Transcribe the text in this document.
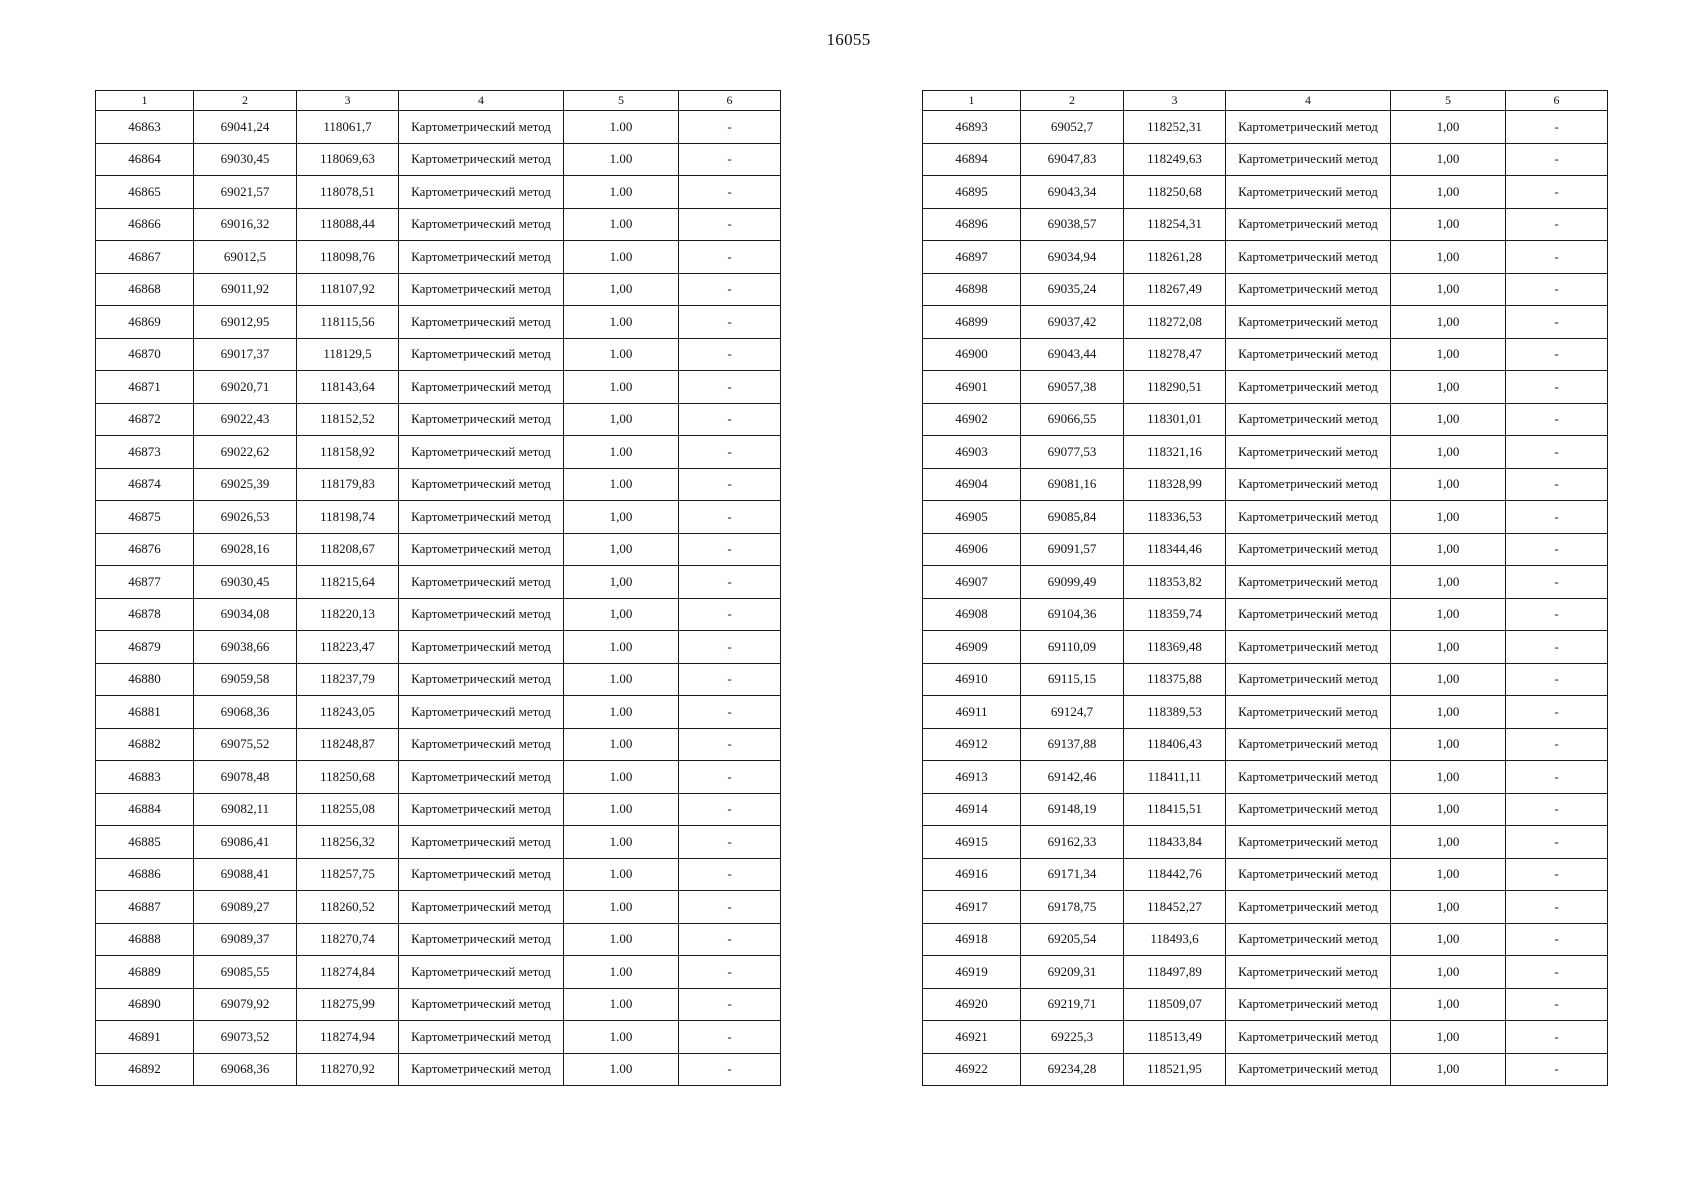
16055
1	2	3	4	5	6
46863	69041,24	118061,7	Картометрический метод	1.00	-
46864	69030,45	118069,63	Картометрический метод	1.00	-
46865	69021,57	118078,51	Картометрический метод	1.00	-
46866	69016,32	118088,44	Картометрический метод	1.00	-
46867	69012,5	118098,76	Картометрический метод	1.00	-
46868	69011,92	118107,92	Картометрический метод	1,00	-
46869	69012,95	118115,56	Картометрический метод	1.00	-
46870	69017,37	118129,5	Картометрический метод	1.00	-
46871	69020,71	118143,64	Картометрический метод	1.00	-
46872	69022,43	118152,52	Картометрический метод	1,00	-
46873	69022,62	118158,92	Картометрический метод	1.00	-
46874	69025,39	118179,83	Картометрический метод	1.00	-
46875	69026,53	118198,74	Картометрический метод	1,00	-
46876	69028,16	118208,67	Картометрический метод	1,00	-
46877	69030,45	118215,64	Картометрический метод	1,00	-
46878	69034,08	118220,13	Картометрический метод	1,00	-
46879	69038,66	118223,47	Картометрический метод	1.00	-
46880	69059,58	118237,79	Картометрический метод	1.00	-
46881	69068,36	118243,05	Картометрический метод	1.00	-
46882	69075,52	118248,87	Картометрический метод	1.00	-
46883	69078,48	118250,68	Картометрический метод	1.00	-
46884	69082,11	118255,08	Картометрический метод	1.00	-
46885	69086,41	118256,32	Картометрический метод	1.00	-
46886	69088,41	118257,75	Картометрический метод	1.00	-
46887	69089,27	118260,52	Картометрический метод	1.00	-
46888	69089,37	118270,74	Картометрический метод	1.00	-
46889	69085,55	118274,84	Картометрический метод	1.00	-
46890	69079,92	118275,99	Картометрический метод	1.00	-
46891	69073,52	118274,94	Картометрический метод	1.00	-
46892	69068,36	118270,92	Картометрический метод	1.00	-
1	2	3	4	5	6
46893	69052,7	118252,31	Картометрический метод	1,00	-
46894	69047,83	118249,63	Картометрический метод	1,00	-
46895	69043,34	118250,68	Картометрический метод	1,00	-
46896	69038,57	118254,31	Картометрический метод	1,00	-
46897	69034,94	118261,28	Картометрический метод	1,00	-
46898	69035,24	118267,49	Картометрический метод	1,00	-
46899	69037,42	118272,08	Картометрический метод	1,00	-
46900	69043,44	118278,47	Картометрический метод	1,00	-
46901	69057,38	118290,51	Картометрический метод	1,00	-
46902	69066,55	118301,01	Картометрический метод	1,00	-
46903	69077,53	118321,16	Картометрический метод	1,00	-
46904	69081,16	118328,99	Картометрический метод	1,00	-
46905	69085,84	118336,53	Картометрический метод	1,00	-
46906	69091,57	118344,46	Картометрический метод	1,00	-
46907	69099,49	118353,82	Картометрический метод	1,00	-
46908	69104,36	118359,74	Картометрический метод	1,00	-
46909	69110,09	118369,48	Картометрический метод	1,00	-
46910	69115,15	118375,88	Картометрический метод	1,00	-
46911	69124,7	118389,53	Картометрический метод	1,00	-
46912	69137,88	118406,43	Картометрический метод	1,00	-
46913	69142,46	118411,11	Картометрический метод	1,00	-
46914	69148,19	118415,51	Картометрический метод	1,00	-
46915	69162,33	118433,84	Картометрический метод	1,00	-
46916	69171,34	118442,76	Картометрический метод	1,00	-
46917	69178,75	118452,27	Картометрический метод	1,00	-
46918	69205,54	118493,6	Картометрический метод	1,00	-
46919	69209,31	118497,89	Картометрический метод	1,00	-
46920	69219,71	118509,07	Картометрический метод	1,00	-
46921	69225,3	118513,49	Картометрический метод	1,00	-
46922	69234,28	118521,95	Картометрический метод	1,00	-
